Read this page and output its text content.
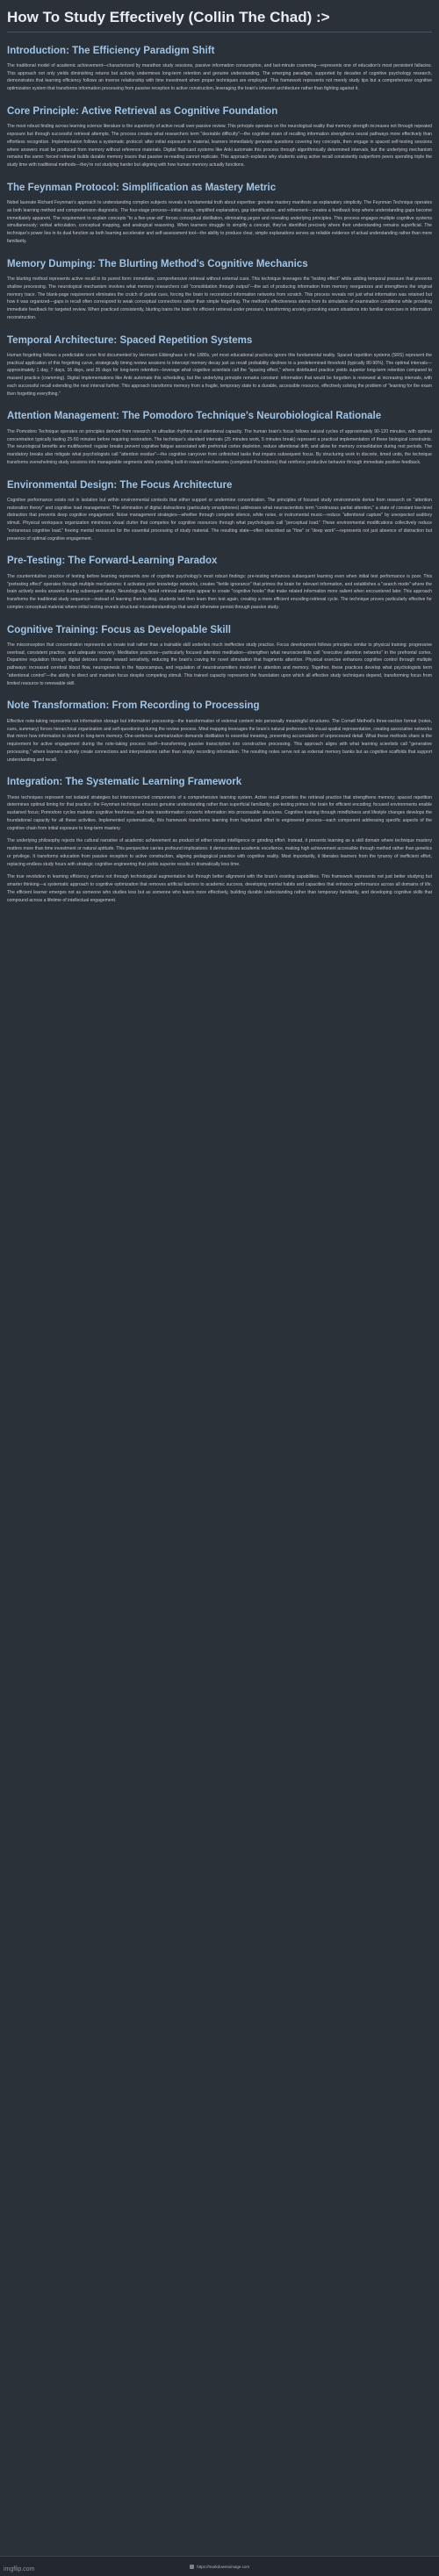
How To Study Effectively (Collin The Chad) :>
Introduction: The Efficiency Paradigm Shift

The traditional model of academic achievement—characterized by marathon study sessions, passive information consumption, and last-minute cramming—represents one of education's most persistent fallacies. This approach not only yields diminishing returns but actively undermines long-term retention and genuine understanding. The emerging paradigm, supported by decades of cognitive psychology research, demonstrates that learning efficiency follows an inverse relationship with time investment when proper techniques are employed. This framework represents not merely study tips but a comprehensive cognitive optimization system that transforms information processing from passive reception to active construction, leveraging the brain's inherent architecture rather than fighting against it.

Core Principle: Active Retrieval as Cognitive Foundation

The most robust finding across learning science literature is the superiority of active recall over passive review. This principle operates on the neurological reality that memory strength increases not through repeated exposure but through successful retrieval attempts. The process creates what researchers term "desirable difficulty"—the cognitive strain of recalling information strengthens neural pathways more effectively than effortless recognition. Implementation follows a systematic protocol: after initial exposure to material, learners immediately generate questions covering key concepts, then engage in spaced self-testing sessions where answers must be produced from memory without reference materials. Digital flashcard systems like Anki automate this process through algorithmically determined intervals, but the underlying mechanism remains the same: forced retrieval builds durable memory traces that passive re-reading cannot replicate. This approach explains why students using active recall consistently outperform peers spending triple the study time with traditional methods—they're not studying harder but aligning with how human memory actually functions.

The Feynman Protocol: Simplification as Mastery Metric

Nobel laureate Richard Feynman's approach to understanding complex subjects reveals a fundamental truth about expertise: genuine mastery manifests as explanatory simplicity. The Feynman Technique operates as both learning method and comprehension diagnostic. The four-stage process—initial study, simplified explanation, gap identification, and refinement—creates a feedback loop where understanding gaps become immediately apparent. The requirement to explain concepts "to a five-year-old" forces conceptual distillation, eliminating jargon and revealing underlying principles. This process engages multiple cognitive systems simultaneously: verbal articulation, conceptual mapping, and analogical reasoning. When learners struggle to simplify a concept, they've identified precisely where their understanding remains superficial. The technique's power lies in its dual function as both learning accelerator and self-assessment tool—the ability to produce clear, simple explanations serves as reliable evidence of actual understanding rather than mere familiarity.

Memory Dumping: The Blurting Method's Cognitive Mechanics

The blurting method represents active recall in its purest form: immediate, comprehensive retrieval without external cues. This technique leverages the "testing effect" while adding temporal pressure that prevents shallow processing. The neurological mechanism involves what memory researchers call "consolidation through output"—the act of producing information from memory reorganizes and strengthens the original memory trace. The blank-page requirement eliminates the crutch of partial cues, forcing the brain to reconstruct information networks from scratch. This process reveals not just what information was retained but how it was organized—gaps in recall often correspond to weak conceptual connections rather than simple forgetting. The method's effectiveness stems from its simulation of examination conditions while providing immediate feedback for targeted review. When practiced consistently, blurting trains the brain for efficient retrieval under pressure, transforming anxiety-provoking exam situations into familiar exercises in information reconstruction.

Temporal Architecture: Spaced Repetition Systems

Human forgetting follows a predictable curve first documented by Hermann Ebbinghaus in the 1880s, yet most educational practices ignore this fundamental reality. Spaced repetition systems (SRS) represent the practical application of this forgetting curve, strategically timing review sessions to intercept memory decay just as recall probability declines to a predetermined threshold (typically 80-90%). The optimal intervals—approximately 1 day, 7 days, 16 days, and 35 days for long-term retention—leverage what cognitive scientists call the "spacing effect," where distributed practice yields superior long-term retention compared to massed practice (cramming). Digital implementations like Anki automate this scheduling, but the underlying principle remains constant: information that would be forgotten is reviewed at increasing intervals, with each successful recall extending the next interval further. This approach transforms memory from a fragile, temporary state to a durable, accessible resource, effectively solving the problem of "learning for the exam then forgetting everything."

Attention Management: The Pomodoro Technique's Neurobiological Rationale

The Pomodoro Technique operates on principles derived from research on ultradian rhythms and attentional capacity. The human brain's focus follows natural cycles of approximately 90-120 minutes, with optimal concentration typically lasting 25-50 minutes before requiring restoration. The technique's standard intervals (25 minutes work, 5 minutes break) represent a practical implementation of these biological constraints. The neurological benefits are multifaceted: regular breaks prevent cognitive fatigue associated with prefrontal cortex depletion, reduce attentional drift, and allow for memory consolidation during rest periods. The mandatory breaks also mitigate what psychologists call "attention residue"—the cognitive carryover from unfinished tasks that impairs subsequent focus. By structuring work in discrete, timed units, the technique transforms overwhelming study sessions into manageable segments while providing built-in reward mechanisms (completed Pomodoros) that reinforce productive behavior through immediate positive feedback.

Environmental Design: The Focus Architecture

Cognitive performance exists not in isolation but within environmental contexts that either support or undermine concentration. The principles of focused study environments derive from research on "attention restoration theory" and cognitive load management. The elimination of digital distractions (particularly smartphones) addresses what neuroscientists term "continuous partial attention," a state of constant low-level distraction that prevents deep cognitive engagement. Noise management strategies—whether through complete silence, white noise, or instrumental music—reduce "attentional capture" by unexpected auditory stimuli. Physical workspace organization minimizes visual clutter that competes for cognitive resources through what psychologists call "perceptual load." These environmental modifications collectively reduce "extraneous cognitive load," freeing mental resources for the essential processing of study material. The resulting state—often described as "flow" or "deep work"—represents not just absence of distraction but presence of optimal cognitive engagement.

Pre-Testing: The Forward-Learning Paradox

The counterintuitive practice of testing before learning represents one of cognitive psychology's most robust findings: pre-testing enhances subsequent learning even when initial test performance is poor. This "pretesting effect" operates through multiple mechanisms: it activates prior knowledge networks, creates "fertile ignorance" that primes the brain for relevant information, and establishes a "search mode" where the brain actively seeks answers during subsequent study. Neurologically, failed retrieval attempts appear to create "cognitive hooks" that make related information more salient when encountered later. This approach transforms the traditional study sequence—instead of learning then testing, students test then learn then test again, creating a more efficient encoding-retrieval cycle. The technique proves particularly effective for complex conceptual material where initial testing reveals structural misunderstandings that would otherwise persist through passive study.

Cognitive Training: Focus as Developable Skill

The misconception that concentration represents an innate trait rather than a trainable skill underlies much ineffective study practice. Focus development follows principles similar to physical training: progressive overload, consistent practice, and adequate recovery. Meditation practices—particularly focused attention meditation—strengthen what neuroscientists call "executive attention networks" in the prefrontal cortex. Dopamine regulation through digital detoxes resets reward sensitivity, reducing the brain's craving for novel stimulation that fragments attention. Physical exercise enhances cognitive control through multiple pathways: increased cerebral blood flow, neurogenesis in the hippocampus, and regulation of neurotransmitters involved in attention and memory. Together, these practices develop what psychologists term "attentional control"—the ability to direct and maintain focus despite competing stimuli. This trained capacity represents the foundation upon which all effective study techniques depend, transforming focus from limited resource to renewable skill.

Note Transformation: From Recording to Processing

Effective note-taking represents not information storage but information processing—the transformation of external content into personally meaningful structures. The Cornell Method's three-section format (notes, cues, summary) forces hierarchical organization and self-questioning during the review process. Mind mapping leverages the brain's natural preference for visual-spatial representation, creating associative networks that mirror how information is stored in long-term memory. One-sentence summarization demands distillation to essential meaning, preventing accumulation of unprocessed detail. What these methods share is the requirement for active engagement during the note-taking process itself—transforming passive transcription into constructive processing. This approach aligns with what learning scientists call "generative processing," where learners actively create connections and interpretations rather than simply recording information. The resulting notes serve not as external memory banks but as cognitive scaffolds that support understanding and recall.

Integration: The Systematic Learning Framework

These techniques represent not isolated strategies but interconnected components of a comprehensive learning system. Active recall provides the retrieval practice that strengthens memory; spaced repetition determines optimal timing for that practice; the Feynman technique ensures genuine understanding rather than superficial familiarity; pre-testing primes the brain for efficient encoding; focused environments enable sustained focus; Pomodoro cycles maintain cognitive freshness; and note transformation converts information into processable structures. Cognitive training through mindfulness and lifestyle changes develops the foundational capacity for all these activities. Implemented systematically, this framework transforms learning from haphazard effort to engineered process—each component addressing specific aspects of the cognitive chain from initial exposure to long-term mastery.

The underlying philosophy rejects the cultural narrative of academic achievement as product of either innate intelligence or grinding effort. Instead, it presents learning as a skill domain where technique mastery matters more than time investment or natural aptitude. This perspective carries profound implications: it democratizes academic excellence, making high achievement accessible through method rather than genetics or privilege. It transforms education from passive reception to active construction, aligning pedagogical practice with cognitive reality. Most importantly, it liberates learners from the tyranny of inefficient effort, replacing endless study hours with strategic cognitive engineering that yields superior results in dramatically less time.

The true revolution in learning efficiency arrives not through technological augmentation but through better alignment with the brain's existing capabilities. This framework represents not just better studying but smarter thinking—a systematic approach to cognitive optimization that removes artificial barriers to academic success, developing mental habits and capacities that enhance performance across all domains of life. The efficient learner emerges not as someone who studies less but as someone who learns more effectively, building durable understanding rather than temporary familiarity, and developing cognitive skills that compound across a lifetime of intellectual engagement.

imgflip.com	https://markdowntoimage.com
